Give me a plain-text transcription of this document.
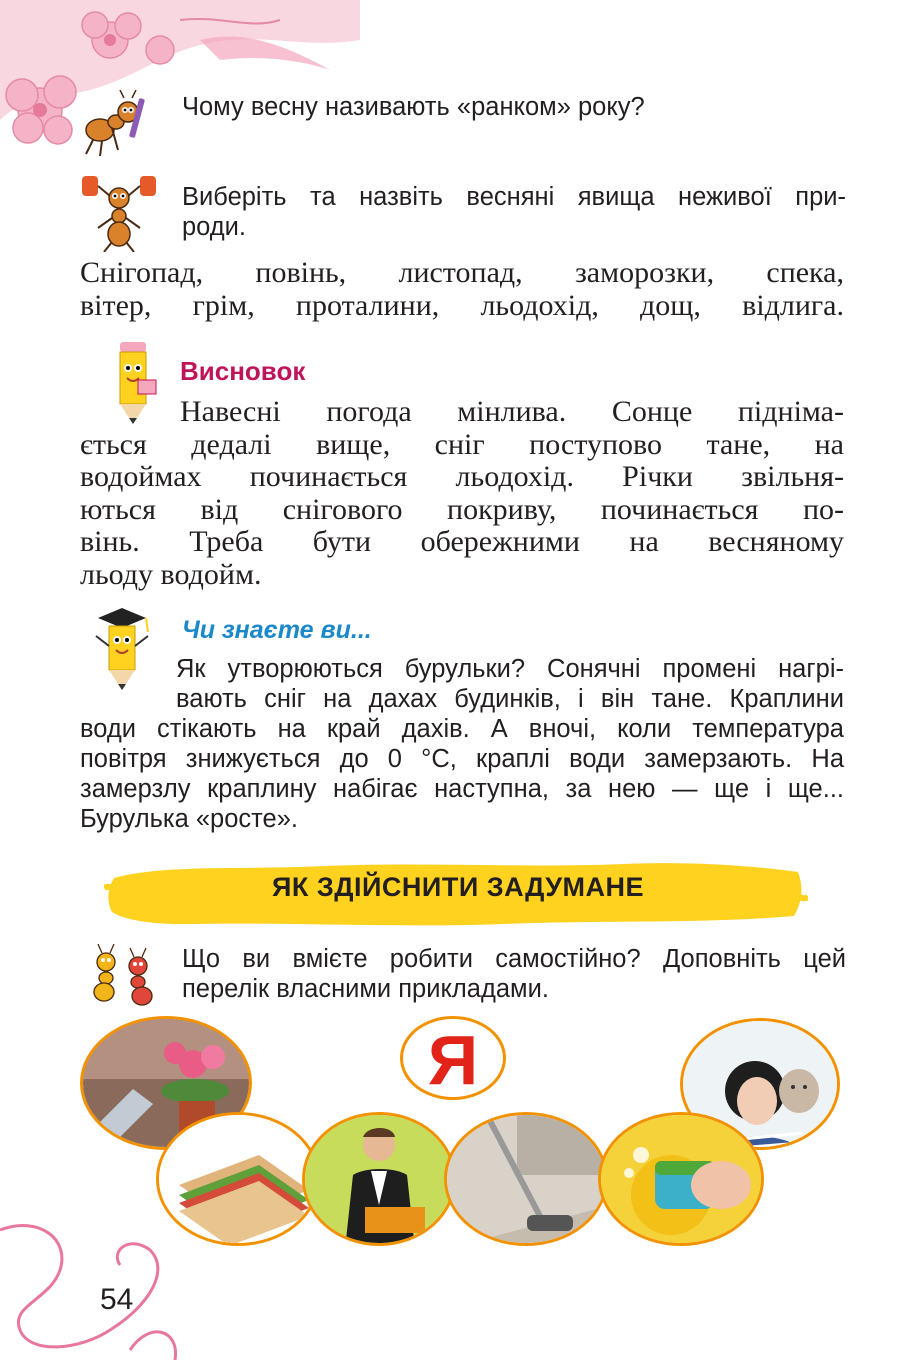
Чому весну називають «ранком» року?
Виберіть та назвіть весняні явища неживої при-
роди.
Снігопад, повінь, листопад, заморозки, спека,
вітер, грім, проталини, льодохід, дощ, відлига.
Висновок
Навесні погода мінлива. Сонце підніма-
ється дедалі вище, сніг поступово тане, на
водоймах починається льодохід. Річки звільня-
ються від снігового покриву, починається по-
вінь. Треба бути обережними на весняному
льоду водойм.
Чи знаєте ви...
Як утворюються бурульки? Сонячні промені нагрі-
вають сніг на дахах будинків, і він тане. Краплини
води стікають на край дахів. А вночі, коли температура
повітря знижується до 0 °С, краплі води замерзають. На
замерзлу краплину набігає наступна, за нею — ще і ще...
Бурулька «росте».
ЯК ЗДІЙСНИТИ ЗАДУМАНЕ
Що ви вмієте робити самостійно? Доповніть цей
перелік власними прикладами.
Я
54
